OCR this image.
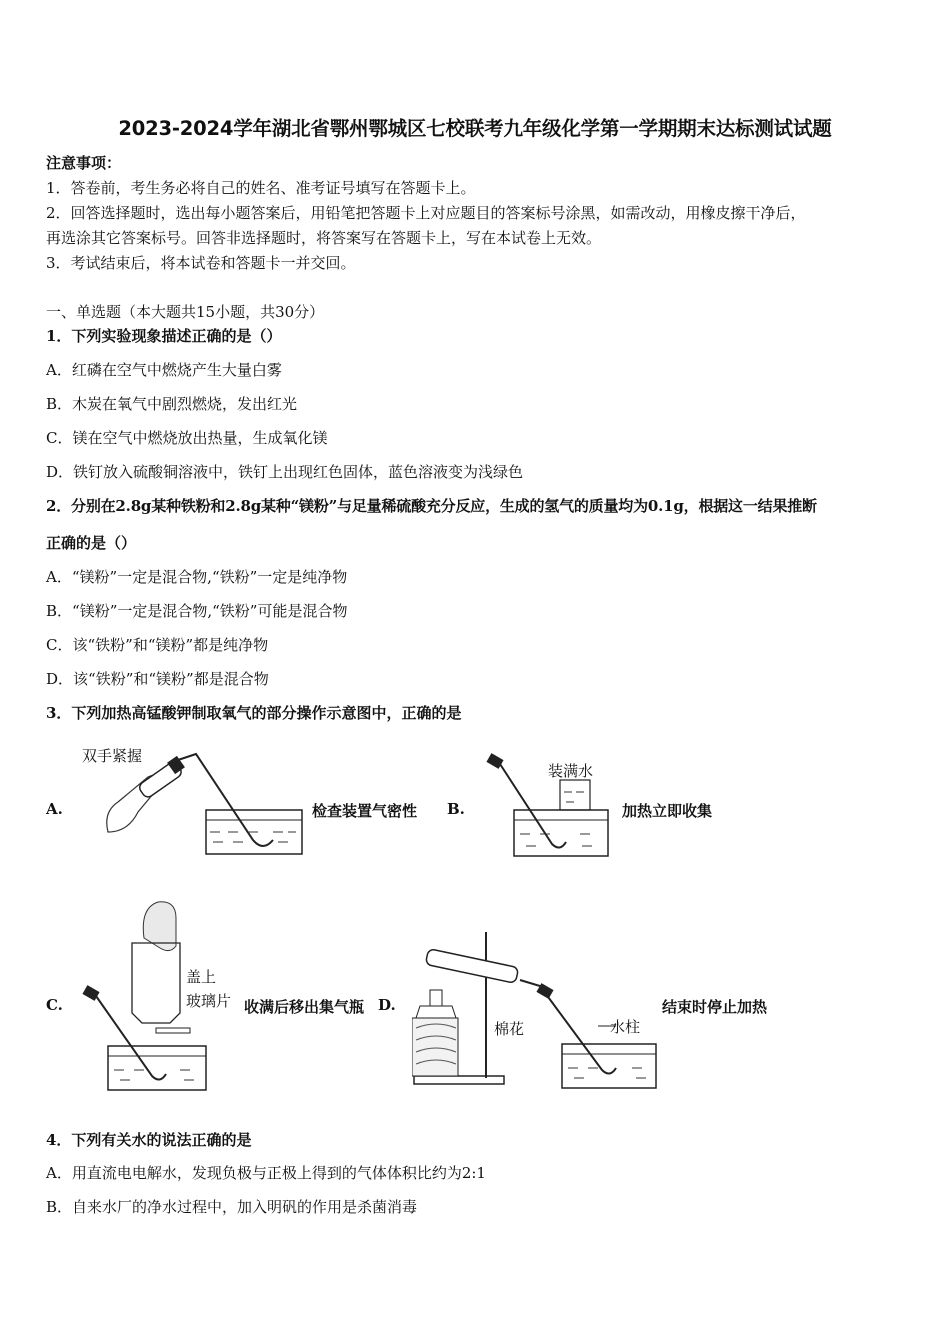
2023-2024学年湖北省鄂州鄂城区七校联考九年级化学第一学期期末达标测试试题
注意事项：
1．答卷前，考生务必将自己的姓名、准考证号填写在答题卡上。
2．回答选择题时，选出每小题答案后，用铅笔把答题卡上对应题目的答案标号涂黑，如需改动，用橡皮擦干净后，
再选涂其它答案标号。回答非选择题时，将答案写在答题卡上，写在本试卷上无效。
3．考试结束后，将本试卷和答题卡一并交回。
一、单选题（本大题共15小题，共30分）
1．下列实验现象描述正确的是（）
A．红磷在空气中燃烧产生大量白雾
B．木炭在氧气中剧烈燃烧，发出红光
C．镁在空气中燃烧放出热量，生成氧化镁
D．铁钉放入硫酸铜溶液中，铁钉上出现红色固体，蓝色溶液变为浅绿色
2．分别在2.8g某种铁粉和2.8g某种“镁粉”与足量稀硫酸充分反应，生成的氢气的质量均为0.1g，根据这一结果推断
正确的是（）
A．“镁粉”一定是混合物,“铁粉”一定是纯净物
B．“镁粉”一定是混合物,“铁粉”可能是混合物
C．该“铁粉”和“镁粉”都是纯净物
D．该“铁粉”和“镁粉”都是混合物
3．下列加热高锰酸钾制取氧气的部分操作示意图中，正确的是
A.
双手紧握
检查装置气密性 B.
装满水
加热立即收集
C.
盖上
玻璃片 收满后移出集气瓶 D.
棉花	水柱
结束时停止加热
4．下列有关水的说法正确的是
A．用直流电电解水，发现负极与正极上得到的气体体积比约为2:1
B．自来水厂的净水过程中，加入明矾的作用是杀菌消毒
